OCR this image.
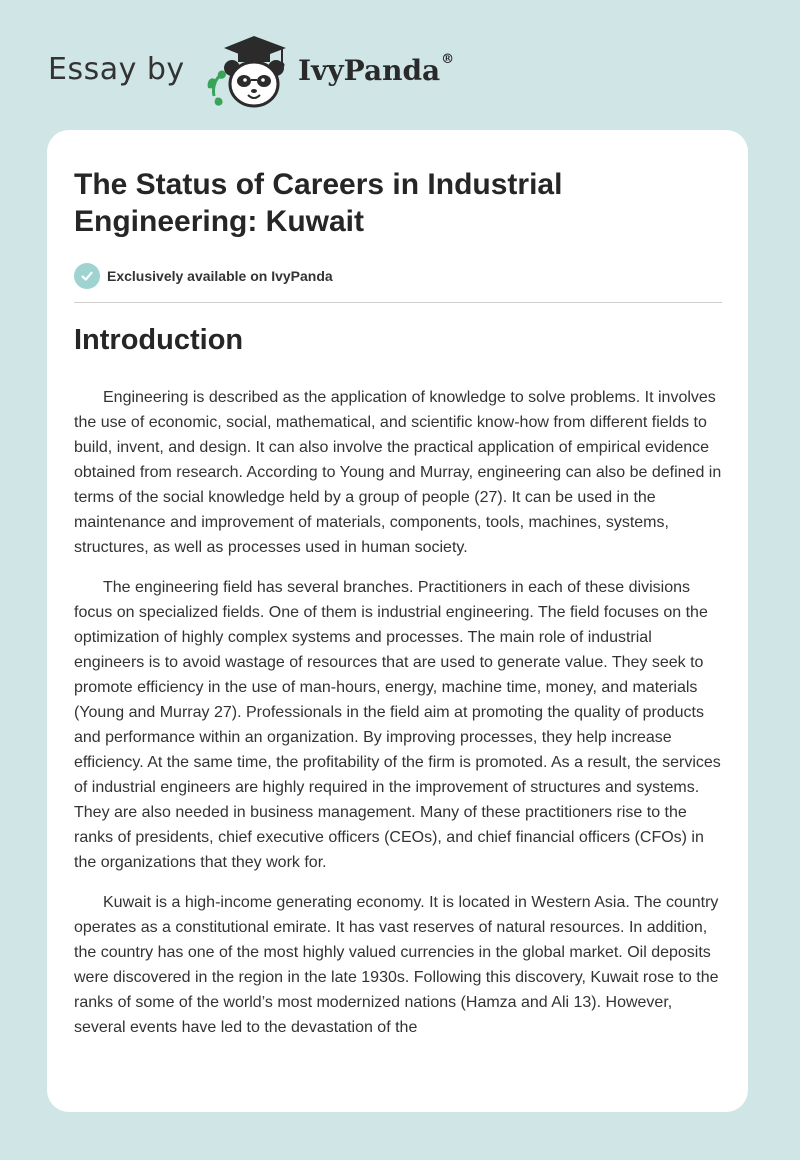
Essay by	IvyPanda®
The Status of Careers in Industrial Engineering: Kuwait
Exclusively available on IvyPanda
Introduction

Engineering is described as the application of knowledge to solve problems. It involves the use of economic, social, mathematical, and scientific know-how from different fields to build, invent, and design. It can also involve the practical application of empirical evidence obtained from research. According to Young and Murray, engineering can also be defined in terms of the social knowledge held by a group of people (27). It can be used in the maintenance and improvement of materials, components, tools, machines, systems, structures, as well as processes used in human society.

The engineering field has several branches. Practitioners in each of these divisions focus on specialized fields. One of them is industrial engineering. The field focuses on the optimization of highly complex systems and processes. The main role of industrial engineers is to avoid wastage of resources that are used to generate value. They seek to promote efficiency in the use of man-hours, energy, machine time, money, and materials (Young and Murray 27). Professionals in the field aim at promoting the quality of products and performance within an organization. By improving processes, they help increase efficiency. At the same time, the profitability of the firm is promoted. As a result, the services of industrial engineers are highly required in the improvement of structures and systems. They are also needed in business management. Many of these practitioners rise to the ranks of presidents, chief executive officers (CEOs), and chief financial officers (CFOs) in the organizations that they work for.

Kuwait is a high-income generating economy. It is located in Western Asia. The country operates as a constitutional emirate. It has vast reserves of natural resources. In addition, the country has one of the most highly valued currencies in the global market. Oil deposits were discovered in the region in the late 1930s. Following this discovery, Kuwait rose to the ranks of some of the world’s most modernized nations (Hamza and Ali 13). However, several events have led to the devastation of the
